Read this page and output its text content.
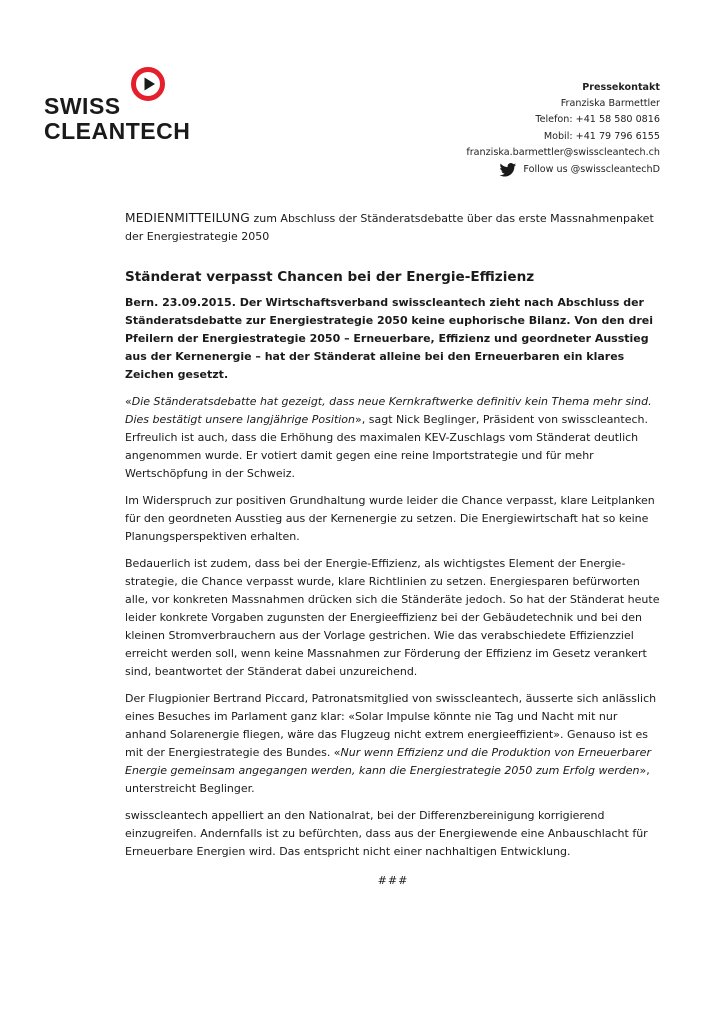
SWISS
CLEANTECH
Pressekontakt
Franziska Barmettler
Telefon: +41 58 580 0816
Mobil: +41 79 796 6155
franziska.barmettler@swisscleantech.ch
Follow us @swisscleantechD
MEDIENMITTEILUNG zum Abschluss der Ständeratsdebatte über das erste Massnahmenpaket der Energiestrategie 2050
Ständerat verpasst Chancen bei der Energie-Effizienz

Bern. 23.09.2015. Der Wirtschaftsverband swisscleantech zieht nach Abschluss der Ständeratsdebatte zur Energiestrategie 2050 keine euphorische Bilanz. Von den drei Pfeilern der Energiestrategie 2050 – Erneuerbare, Effizienz und geordneter Ausstieg aus der Kernenergie – hat der Ständerat alleine bei den Erneuerbaren ein klares Zeichen gesetzt.

«Die Ständeratsdebatte hat gezeigt, dass neue Kernkraftwerke definitiv kein Thema mehr sind. Dies bestätigt unsere langjährige Position», sagt Nick Beglinger, Präsident von swisscleantech. Erfreulich ist auch, dass die Erhöhung des maximalen KEV-Zuschlags vom Ständerat deutlich angenommen wurde. Er votiert damit gegen eine reine Importstrategie und für mehr Wertschöpfung in der Schweiz.

Im Widerspruch zur positiven Grundhaltung wurde leider die Chance verpasst, klare Leitplanken für den geordneten Ausstieg aus der Kernenergie zu setzen. Die Energiewirtschaft hat so keine Planungsperspektiven erhalten.

Bedauerlich ist zudem, dass bei der Energie-Effizienz, als wichtigstes Element der Energiestrategie, die Chance verpasst wurde, klare Richtlinien zu setzen. Energiesparen befürworten alle, vor konkreten Massnahmen drücken sich die Ständeräte jedoch. So hat der Ständerat heute leider konkrete Vorgaben zugunsten der Energieeffizienz bei der Gebäudetechnik und bei den kleinen Stromverbrauchern aus der Vorlage gestrichen. Wie das verabschiedete Effizienzziel erreicht werden soll, wenn keine Massnahmen zur Förderung der Effizienz im Gesetz verankert sind, beantwortet der Ständerat dabei unzureichend.

Der Flugpionier Bertrand Piccard, Patronatsmitglied von swisscleantech, äusserte sich anlässlich eines Besuches im Parlament ganz klar: «Solar Impulse könnte nie Tag und Nacht mit nur anhand Solarenergie fliegen, wäre das Flugzeug nicht extrem energieeffizient». Genauso ist es mit der Energiestrategie des Bundes. «Nur wenn Effizienz und die Produktion von Erneuerbarer Energie gemeinsam angegangen werden, kann die Energiestrategie 2050 zum Erfolg werden», unterstreicht Beglinger.

swisscleantech appelliert an den Nationalrat, bei der Differenzbereinigung korrigierend einzugreifen. Andernfalls ist zu befürchten, dass aus der Energiewende eine Anbauschlacht für Erneuerbare Energien wird. Das entspricht nicht einer nachhaltigen Entwicklung.

###
